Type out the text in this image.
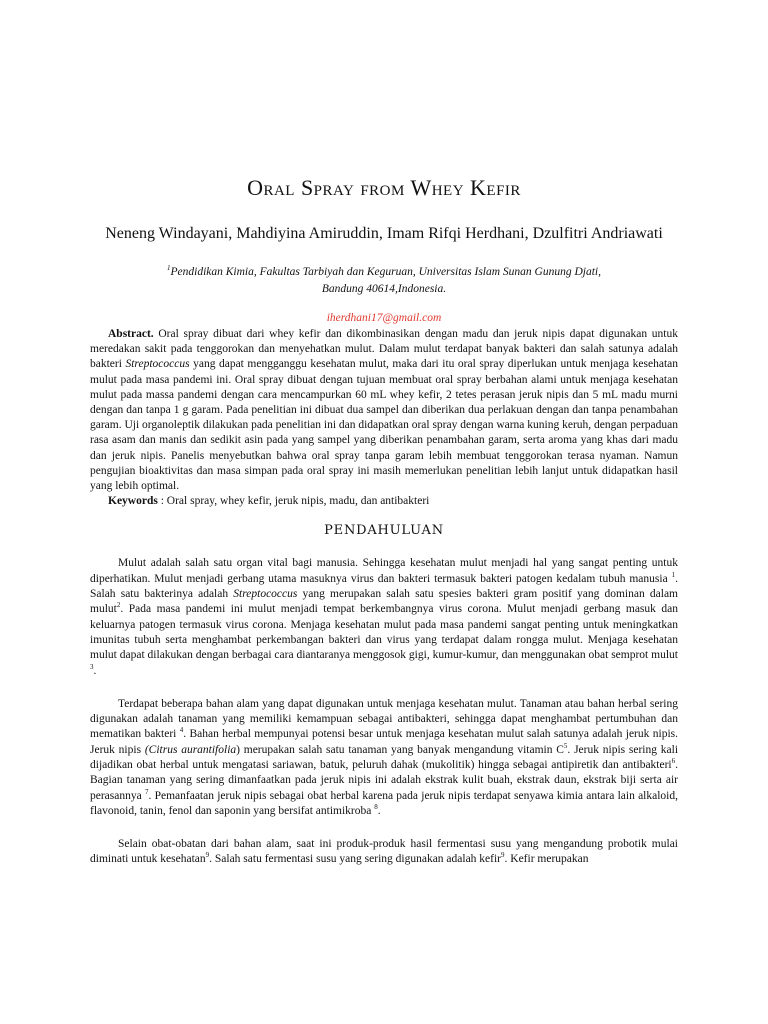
Oral Spray from Whey Kefir

Neneng Windayani, Mahdiyina Amiruddin, Imam Rifqi Herdhani, Dzulfitri Andriawati

$^1$Pendidikan Kimia, Fakultas Tarbiyah dan Keguruan, Universitas Islam Sunan Gunung Djati,
Bandung 40614,Indonesia.

iherdhani17@gmail.com

Abstract. Oral spray dibuat dari whey kefir dan dikombinasikan dengan madu dan jeruk nipis dapat digunakan untuk meredakan sakit pada tenggorokan dan menyehatkan mulut. Dalam mulut terdapat banyak bakteri dan salah satunya adalah bakteri Streptococcus yang dapat mengganggu kesehatan mulut, maka dari itu oral spray diperlukan untuk menjaga kesehatan mulut pada masa pandemi ini. Oral spray dibuat dengan tujuan membuat oral spray berbahan alami untuk menjaga kesehatan mulut pada massa pandemi dengan cara mencampurkan 60 mL whey kefir, 2 tetes perasan jeruk nipis dan 5 mL madu murni dengan dan tanpa 1 g garam. Pada penelitian ini dibuat dua sampel dan diberikan dua perlakuan dengan dan tanpa penambahan garam. Uji organoleptik dilakukan pada penelitian ini dan didapatkan oral spray dengan warna kuning keruh, dengan perpaduan rasa asam dan manis dan sedikit asin pada yang sampel yang diberikan penambahan garam, serta aroma yang khas dari madu dan jeruk nipis. Panelis menyebutkan bahwa oral spray tanpa garam lebih membuat tenggorokan terasa nyaman. Namun pengujian bioaktivitas dan masa simpan pada oral spray ini masih memerlukan penelitian lebih lanjut untuk didapatkan hasil yang lebih optimal.

Keywords : Oral spray, whey kefir, jeruk nipis, madu, dan antibakteri

PENDAHULUAN

Mulut adalah salah satu organ vital bagi manusia. Sehingga kesehatan mulut menjadi hal yang sangat penting untuk diperhatikan. Mulut menjadi gerbang utama masuknya virus dan bakteri termasuk bakteri patogen kedalam tubuh manusia $^1$. Salah satu bakterinya adalah Streptococcus yang merupakan salah satu spesies bakteri gram positif yang dominan dalam mulut$^2$. Pada masa pandemi ini mulut menjadi tempat berkembangnya virus corona. Mulut menjadi gerbang masuk dan keluarnya patogen termasuk virus corona. Menjaga kesehatan mulut pada masa pandemi sangat penting untuk meningkatkan imunitas tubuh serta menghambat perkembangan bakteri dan virus yang terdapat dalam rongga mulut. Menjaga kesehatan mulut dapat dilakukan dengan berbagai cara diantaranya menggosok gigi, kumur-kumur, dan menggunakan obat semprot mulut $^3$.

Terdapat beberapa bahan alam yang dapat digunakan untuk menjaga kesehatan mulut. Tanaman atau bahan herbal sering digunakan adalah tanaman yang memiliki kemampuan sebagai antibakteri, sehingga dapat menghambat pertumbuhan dan mematikan bakteri $^4$. Bahan herbal mempunyai potensi besar untuk menjaga kesehatan mulut salah satunya adalah jeruk nipis. Jeruk nipis (Citrus aurantifolia) merupakan salah satu tanaman yang banyak mengandung vitamin $C^5$. Jeruk nipis sering kali dijadikan obat herbal untuk mengatasi sariawan, batuk, peluruh dahak (mukolitik) hingga sebagai antipiretik dan antibakteri$^6$. Bagian tanaman yang sering dimanfaatkan pada jeruk nipis ini adalah ekstrak kulit buah, ekstrak daun, ekstrak biji serta air perasannya $^7$. Pemanfaatan jeruk nipis sebagai obat herbal karena pada jeruk nipis terdapat senyawa kimia antara lain alkaloid, flavonoid, tanin, fenol dan saponin yang bersifat antimikroba $^8$.

Selain obat-obatan dari bahan alam, saat ini produk-produk hasil fermentasi susu yang mengandung probotik mulai diminati untuk kesehatan$^9$. Salah satu fermentasi susu yang sering digunakan adalah kefir$^9$. Kefir merupakan
